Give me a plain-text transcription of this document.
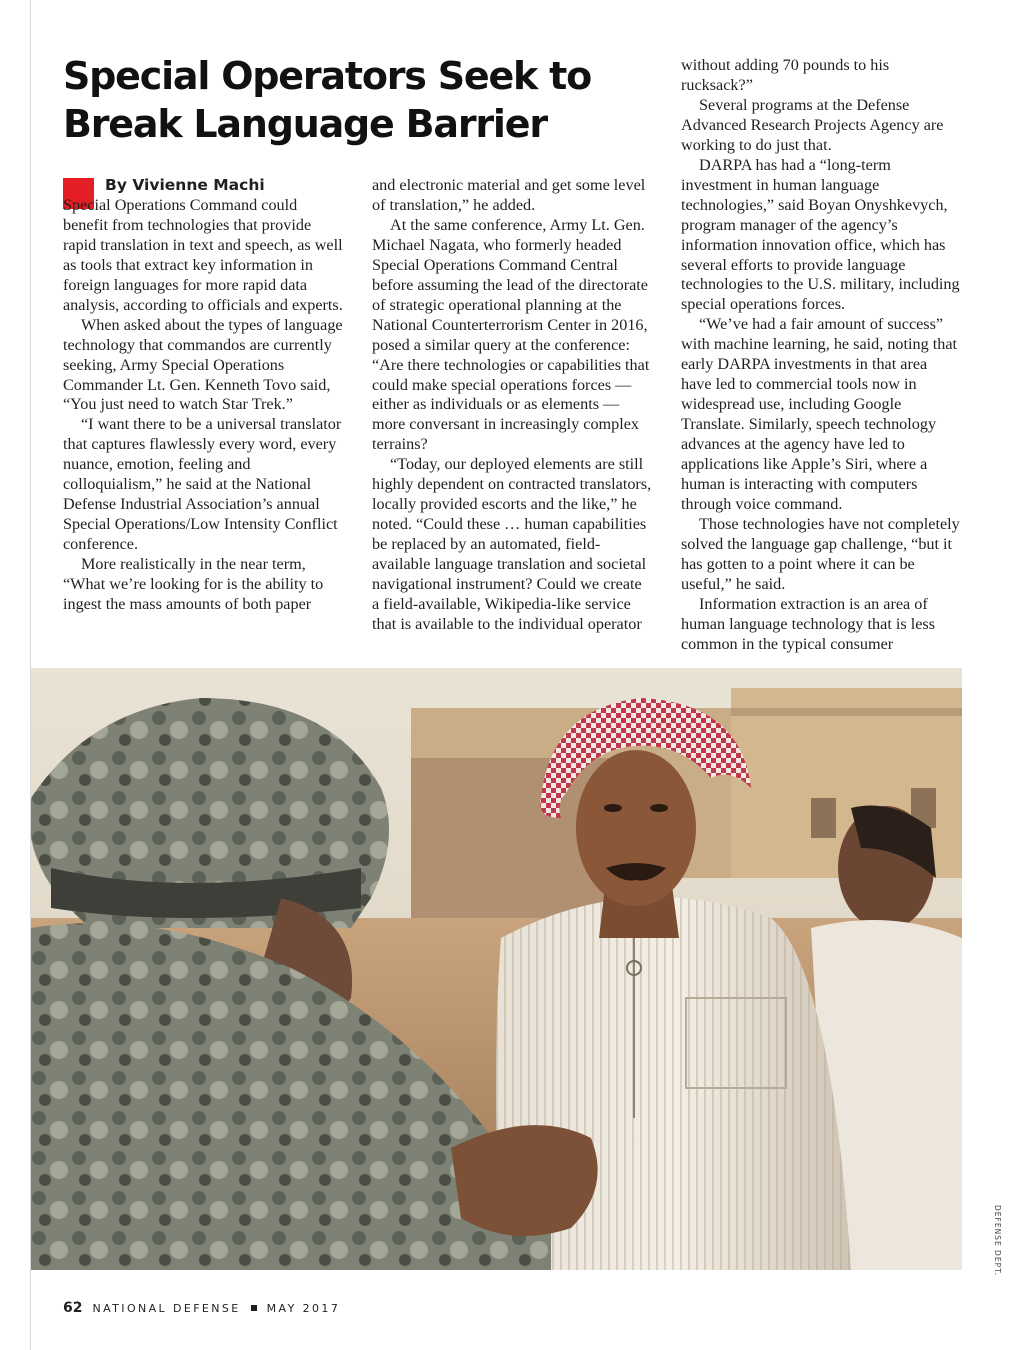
Special Operators Seek to Break Language Barrier
By Vivienne Machi

Special Operations Command could benefit from technologies that provide rapid translation in text and speech, as well as tools that extract key information in foreign languages for more rapid data analysis, according to officials and experts.

When asked about the types of language technology that commandos are currently seeking, Army Special Operations Commander Lt. Gen. Kenneth Tovo said, “You just need to watch Star Trek.”

“I want there to be a universal translator that captures flawlessly every word, every nuance, emotion, feeling and colloquialism,” he said at the National Defense Industrial Association’s annual Special Operations/Low Intensity Conflict conference.

More realistically in the near term, “What we’re looking for is the ability to ingest the mass amounts of both paper

and electronic material and get some level of translation,” he added.

At the same conference, Army Lt. Gen. Michael Nagata, who formerly headed Special Operations Command Central before assuming the lead of the directorate of strategic operational planning at the National Counterterrorism Center in 2016, posed a similar query at the conference: “Are there technologies or capabilities that could make special operations forces — either as individuals or as elements — more conversant in increasingly complex terrains?

“Today, our deployed elements are still highly dependent on contracted translators, locally provided escorts and the like,” he noted. “Could these … human capabilities be replaced by an automated, field-available language translation and societal navigational instrument? Could we create a field-available, Wikipedia-like service that is available to the individual operator

without adding 70 pounds to his rucksack?”

Several programs at the Defense Advanced Research Projects Agency are working to do just that.

DARPA has had a “long-term investment in human language technologies,” said Boyan Onyshkevych, program manager of the agency’s information innovation office, which has several efforts to provide language technologies to the U.S. military, including special operations forces.

“We’ve had a fair amount of success” with machine learning, he said, noting that early DARPA investments in that area have led to commercial tools now in widespread use, including Google Translate. Similarly, speech technology advances at the agency have led to applications like Apple’s Siri, where a human is interacting with computers through voice command.

Those technologies have not completely solved the language gap challenge, “but it has gotten to a point where it can be useful,” he said.

Information extraction is an area of human language technology that is less common in the typical consumer

DEFENSE DEPT.
62 NATIONAL DEFENSE MAY 2017
